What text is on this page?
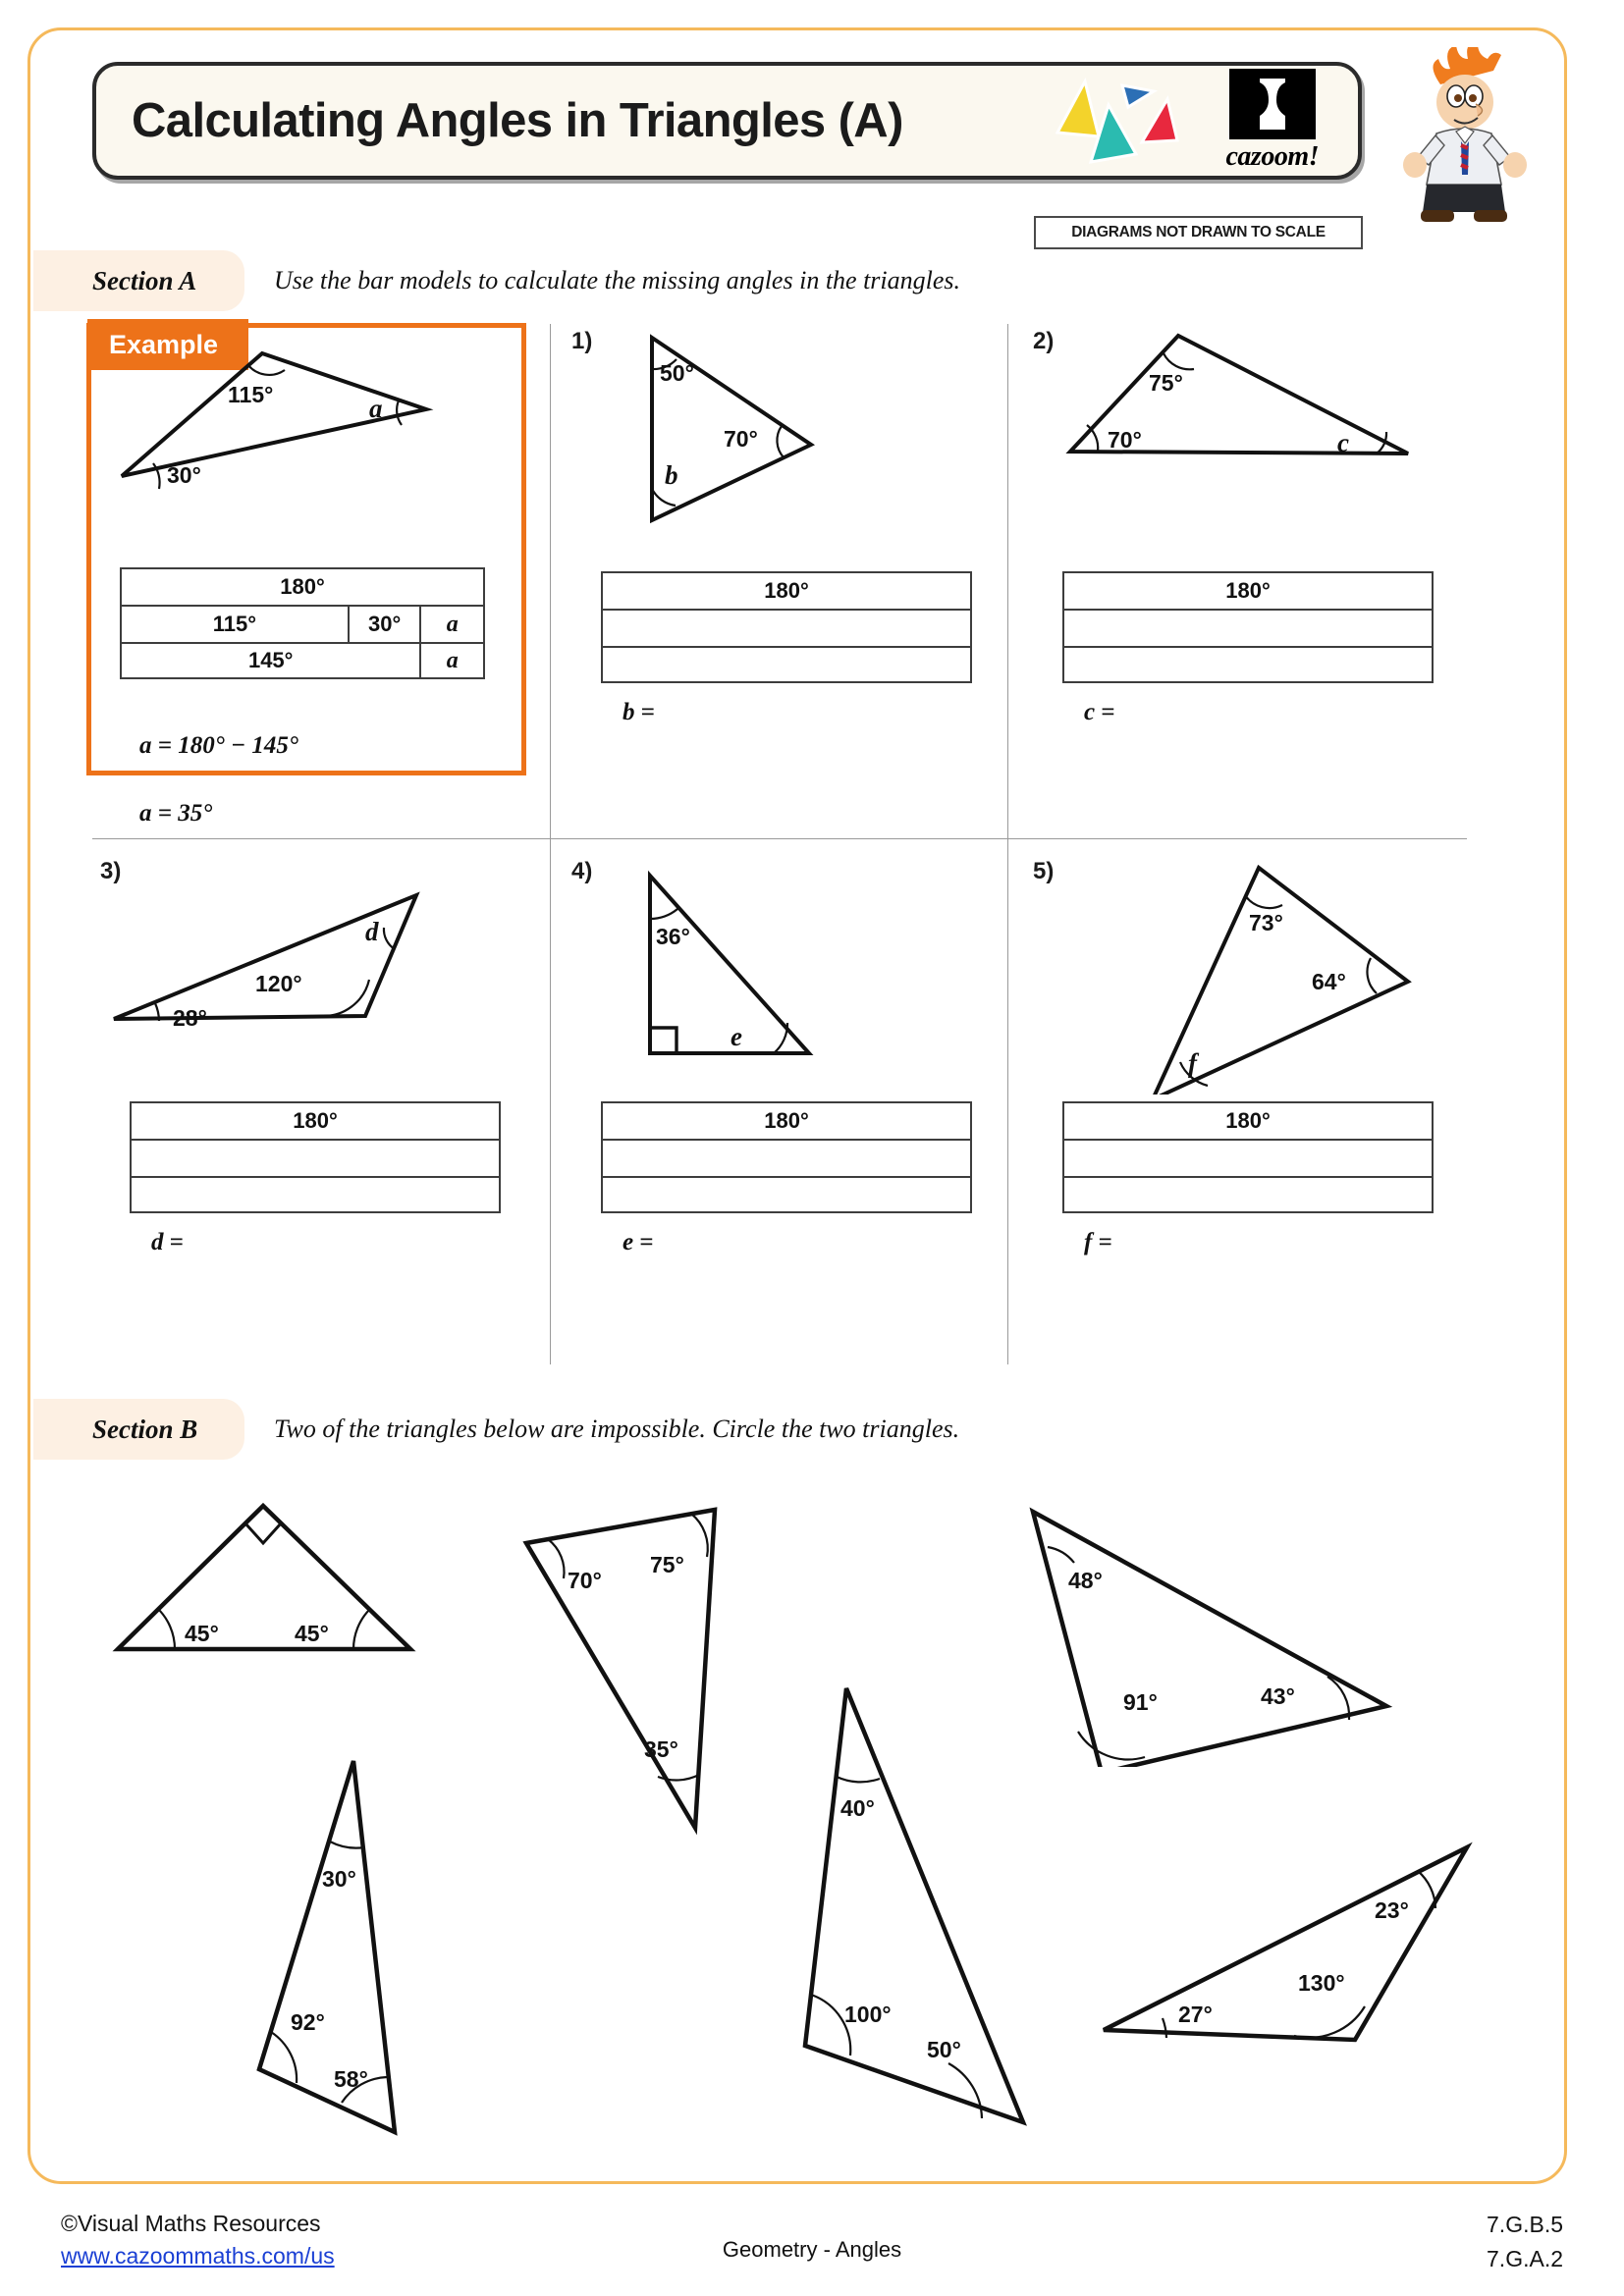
Calculating Angles in Triangles (A)
cazoom!
DIAGRAMS NOT DRAWN TO SCALE
Section A	Use the bar models to calculate the missing angles in the triangles.
Example
115°
30°
a
180°
115°	30°	a
145°	a

a = 180° − 145°

a = 35°

1)
50°
70°
b
180°
b =
2)
75°
70°	c
180°
c =
3)
28°
120°
d
180°
d =
4)
36°
e
180°
e =
5)
73°
64°
f
180°
f =
Section B	Two of the triangles below are impossible. Circle the two triangles.
45°	45°
70°
75°
35°
48°
91°	43°
30°
92°
58°
40°
100°
50°
27°
130°
23°
©Visual Maths Resources
www.cazoommaths.com/us	Geometry - Angles
7.G.B.5
7.G.A.2
